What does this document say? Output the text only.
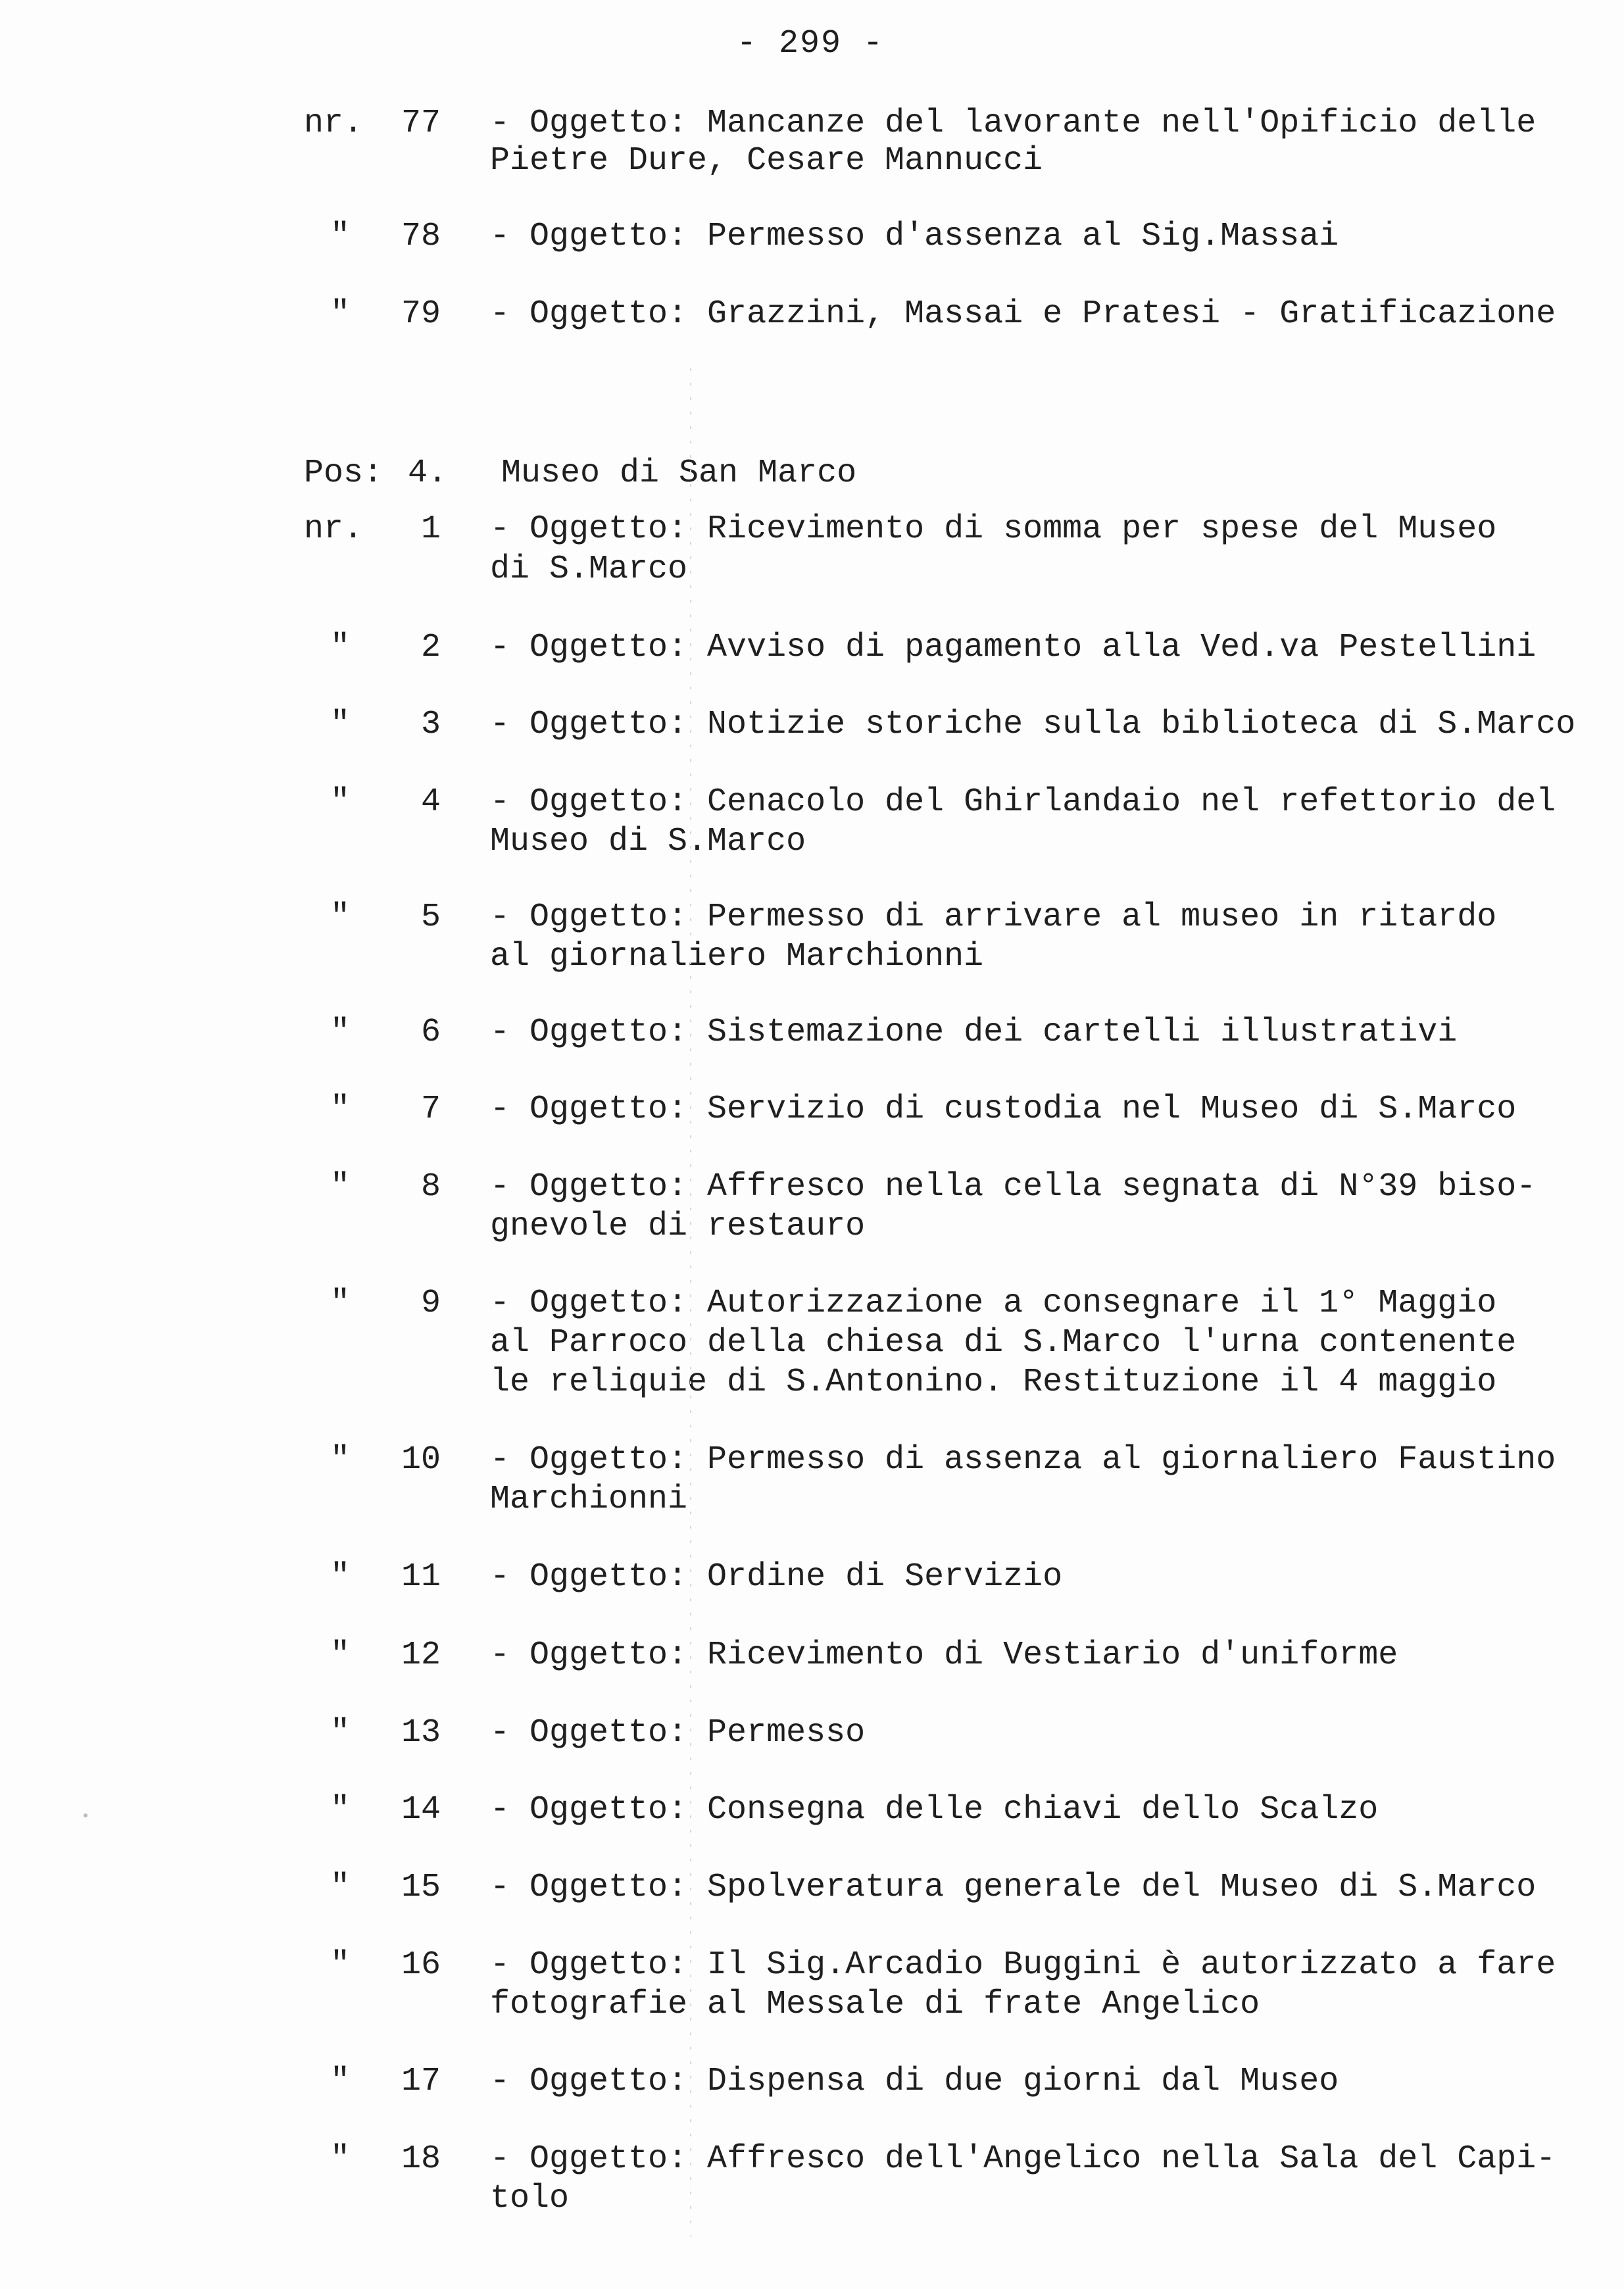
- 299 -
nr.	77 - Oggetto: Mancanze del lavorante nell'Opificio delle
Pietre Dure, Cesare Mannucci
"	78 - Oggetto: Permesso d'assenza al Sig.Massai
"	79 - Oggetto: Grazzini, Massai e Pratesi - Gratificazione
Pos: 4. Museo di San Marco
nr.	1 - Oggetto: Ricevimento di somma per spese del Museo
di S.Marco
"	2 - Oggetto: Avviso di pagamento alla Ved.va Pestellini
"	3 - Oggetto: Notizie storiche sulla biblioteca di S.Marco
"	4 - Oggetto: Cenacolo del Ghirlandaio nel refettorio del
Museo di S.Marco
"	5 - Oggetto: Permesso di arrivare al museo in ritardo
al giornaliero Marchionni
"	6 - Oggetto: Sistemazione dei cartelli illustrativi
"	7 - Oggetto: Servizio di custodia nel Museo di S.Marco
"	8 - Oggetto: Affresco nella cella segnata di N°39 biso-
gnevole di restauro
"	9 - Oggetto: Autorizzazione a consegnare il 1° Maggio
al Parroco della chiesa di S.Marco l'urna contenente
le reliquie di S.Antonino. Restituzione il 4 maggio
"	10 - Oggetto: Permesso di assenza al giornaliero Faustino
Marchionni
"	11 - Oggetto: Ordine di Servizio
"	12 - Oggetto: Ricevimento di Vestiario d'uniforme
"	13 - Oggetto: Permesso
"	14 - Oggetto: Consegna delle chiavi dello Scalzo
"	15 - Oggetto: Spolveratura generale del Museo di S.Marco
"	16 - Oggetto: Il Sig.Arcadio Buggini è autorizzato a fare
fotografie al Messale di frate Angelico
"	17 - Oggetto: Dispensa di due giorni dal Museo
"	18 - Oggetto: Affresco dell'Angelico nella Sala del Capi-
tolo
